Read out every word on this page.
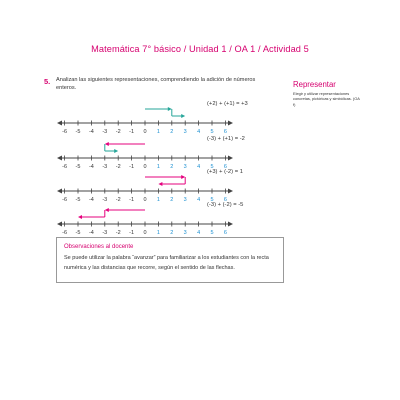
Matemática 7° básico / Unidad 1 / OA 1 / Actividad 5
5. Analizan las siguientes representaciones, comprendiendo la adición de números enteros.	Representar
Elegir y utilizar representaciones concretas, pictóricas y simbólicas. (OA f)
-6 -5 -4 -3 -2 -1 0 1 2 3 4 5 6
(+2) + (+1) = +3
-6 -5 -4 -3 -2 -1 0 1 2 3 4 5 6
(-3) + (+1) = -2
-6 -5 -4 -3 -2 -1 0 1 2 3 4 5 6
(+3) + (-2) = 1
-6 -5 -4 -3 -2 -1 0 1 2 3 4 5 6
(-3) + (-2) = -5
Observaciones al docente
Se puede utilizar la palabra “avanzar” para familiarizar a los estudiantes con la recta numérica y las distancias que recorre, según el sentido de las flechas.
